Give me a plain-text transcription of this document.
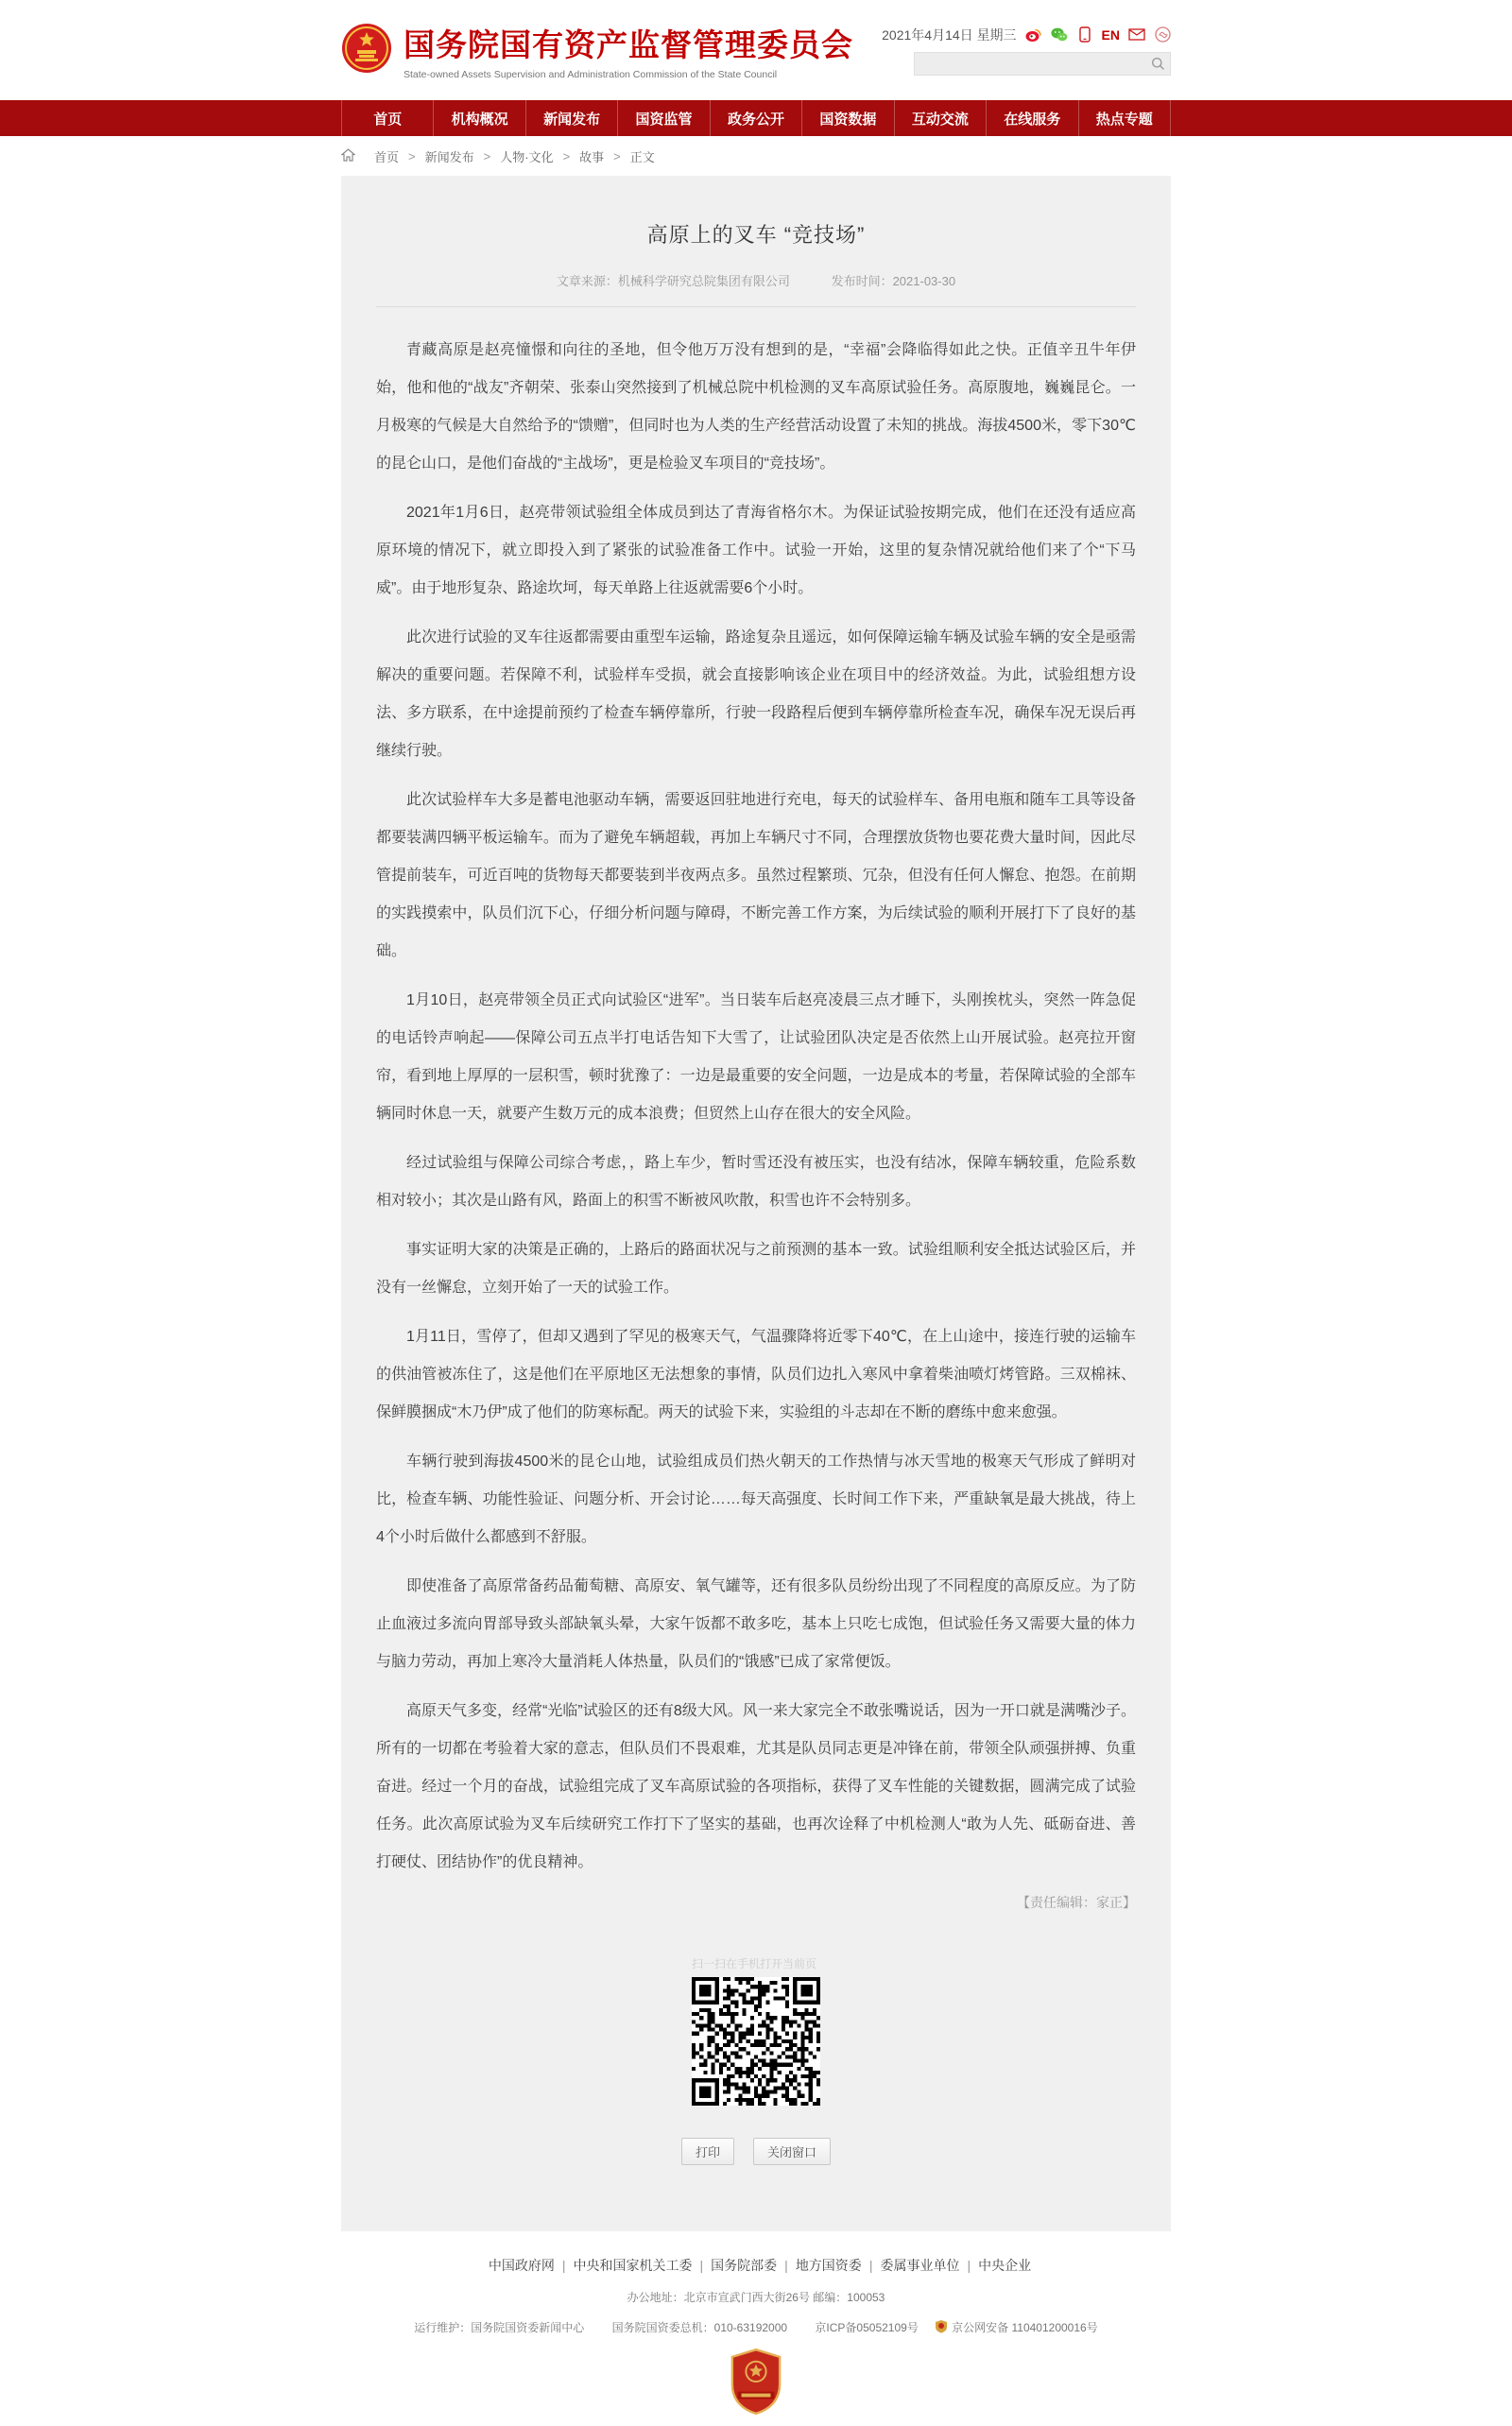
国务院国有资产监督管理委员会
State-owned Assets Supervision and Administration Commission of the State Council
2021年4月14日 星期三	EN
首页	机构概况 新闻发布 国资监管 政务公开 国资数据 互动交流 在线服务 热点专题
首页 > 新闻发布 > 人物·文化 > 故事 > 正文
高原上的叉车 “竞技场”
文章来源：机械科学研究总院集团有限公司	发布时间：2021-03-30

青藏高原是赵亮憧憬和向往的圣地，但令他万万没有想到的是，“幸福”会降临得如此之快。正值辛丑牛年伊始，他和他的“战友”齐朝荣、张泰山突然接到了机械总院中机检测的叉车高原试验任务。高原腹地，巍巍昆仑。一月极寒的气候是大自然给予的“馈赠”，但同时也为人类的生产经营活动设置了未知的挑战。海拔4500米，零下30℃的昆仑山口，是他们奋战的“主战场”，更是检验叉车项目的“竞技场”。

2021年1月6日，赵亮带领试验组全体成员到达了青海省格尔木。为保证试验按期完成，他们在还没有适应高原环境的情况下，就立即投入到了紧张的试验准备工作中。试验一开始，这里的复杂情况就给他们来了个“下马威”。由于地形复杂、路途坎坷，每天单路上往返就需要6个小时。

此次进行试验的叉车往返都需要由重型车运输，路途复杂且遥远，如何保障运输车辆及试验车辆的安全是亟需解决的重要问题。若保障不利，试验样车受损，就会直接影响该企业在项目中的经济效益。为此，试验组想方设法、多方联系，在中途提前预约了检查车辆停靠所，行驶一段路程后便到车辆停靠所检查车况，确保车况无误后再继续行驶。

此次试验样车大多是蓄电池驱动车辆，需要返回驻地进行充电，每天的试验样车、备用电瓶和随车工具等设备都要装满四辆平板运输车。而为了避免车辆超载，再加上车辆尺寸不同，合理摆放货物也要花费大量时间，因此尽管提前装车，可近百吨的货物每天都要装到半夜两点多。虽然过程繁琐、冗杂，但没有任何人懈怠、抱怨。在前期的实践摸索中，队员们沉下心，仔细分析问题与障碍，不断完善工作方案，为后续试验的顺利开展打下了良好的基础。

1月10日，赵亮带领全员正式向试验区“进军”。当日装车后赵亮凌晨三点才睡下，头刚挨枕头，突然一阵急促的电话铃声响起——保障公司五点半打电话告知下大雪了，让试验团队决定是否依然上山开展试验。赵亮拉开窗帘，看到地上厚厚的一层积雪，顿时犹豫了：一边是最重要的安全问题，一边是成本的考量，若保障试验的全部车辆同时休息一天，就要产生数万元的成本浪费；但贸然上山存在很大的安全风险。

经过试验组与保障公司综合考虑，，路上车少，暂时雪还没有被压实，也没有结冰，保障车辆较重，危险系数相对较小；其次是山路有风，路面上的积雪不断被风吹散，积雪也许不会特别多。

事实证明大家的决策是正确的，上路后的路面状况与之前预测的基本一致。试验组顺利安全抵达试验区后，并没有一丝懈怠，立刻开始了一天的试验工作。

1月11日，雪停了，但却又遇到了罕见的极寒天气，气温骤降将近零下40℃，在上山途中，接连行驶的运输车的供油管被冻住了，这是他们在平原地区无法想象的事情，队员们边扎入寒风中拿着柴油喷灯烤管路。三双棉袜、保鲜膜捆成“木乃伊”成了他们的防寒标配。两天的试验下来，实验组的斗志却在不断的磨练中愈来愈强。

车辆行驶到海拔4500米的昆仑山地，试验组成员们热火朝天的工作热情与冰天雪地的极寒天气形成了鲜明对比，检查车辆、功能性验证、问题分析、开会讨论……每天高强度、长时间工作下来，严重缺氧是最大挑战，待上4个小时后做什么都感到不舒服。

即使准备了高原常备药品葡萄糖、高原安、氧气罐等，还有很多队员纷纷出现了不同程度的高原反应。为了防止血液过多流向胃部导致头部缺氧头晕，大家午饭都不敢多吃，基本上只吃七成饱，但试验任务又需要大量的体力与脑力劳动，再加上寒冷大量消耗人体热量，队员们的“饿感”已成了家常便饭。

高原天气多变，经常“光临”试验区的还有8级大风。风一来大家完全不敢张嘴说话，因为一开口就是满嘴沙子。所有的一切都在考验着大家的意志，但队员们不畏艰难，尤其是队员同志更是冲锋在前，带领全队顽强拼搏、负重奋进。经过一个月的奋战，试验组完成了叉车高原试验的各项指标，获得了叉车性能的关键数据，圆满完成了试验任务。此次高原试验为叉车后续研究工作打下了坚实的基础，也再次诠释了中机检测人“敢为人先、砥砺奋进、善打硬仗、团结协作”的优良精神。

【责任编辑：家正】
扫一扫在手机打开当前页
打印	关闭窗口
中国政府网 | 中央和国家机关工委 | 国务院部委 | 地方国资委 | 委属事业单位 | 中央企业
办公地址：北京市宣武门西大街26号 邮编：100053
运行维护：国务院国资委新闻中心 国务院国资委总机：010-63192000 京ICP备05052109号	京公网安备 110401200016号
